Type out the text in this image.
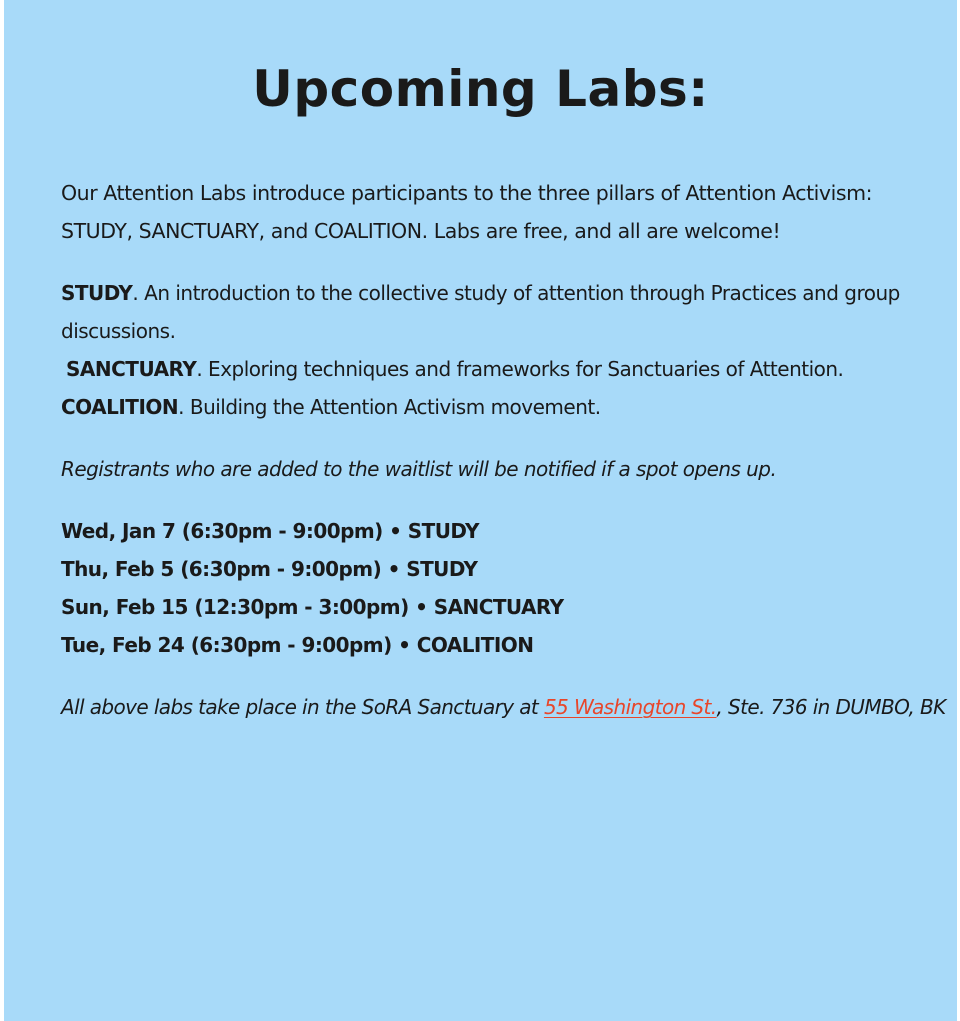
Upcoming Labs:

Our Attention Labs introduce participants to the three pillars of Attention Activism: STUDY, SANCTUARY, and COALITION. Labs are free, and all are welcome!

STUDY. An introduction to the collective study of attention through Practices and group discussions.
SANCTUARY. Exploring techniques and frameworks for Sanctuaries of Attention.
COALITION. Building the Attention Activism movement.

Registrants who are added to the waitlist will be notified if a spot opens up.

Wed, Jan 7 (6:30pm - 9:00pm) • STUDY
Thu, Feb 5 (6:30pm - 9:00pm) • STUDY
Sun, Feb 15 (12:30pm - 3:00pm) • SANCTUARY
Tue, Feb 24 (6:30pm - 9:00pm) • COALITION

All above labs take place in the SoRA Sanctuary at 55 Washington St., Ste. 736 in DUMBO, BK
